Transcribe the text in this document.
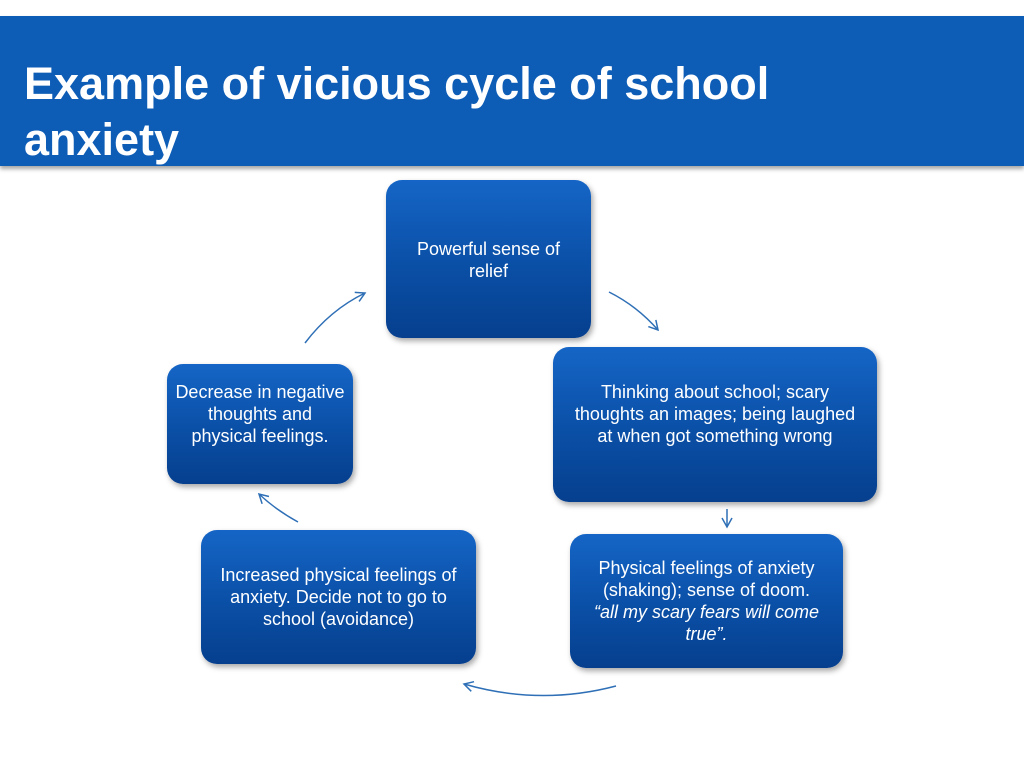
Example of vicious cycle of school anxiety
Powerful sense of relief
Thinking about school; scary thoughts an images; being laughed at when got something wrong
Physical feelings of anxiety (shaking); sense of doom.
“all my scary fears will come true”.
Increased physical feelings of anxiety. Decide not to go to school (avoidance)
Decrease in negative thoughts and physical feelings.
